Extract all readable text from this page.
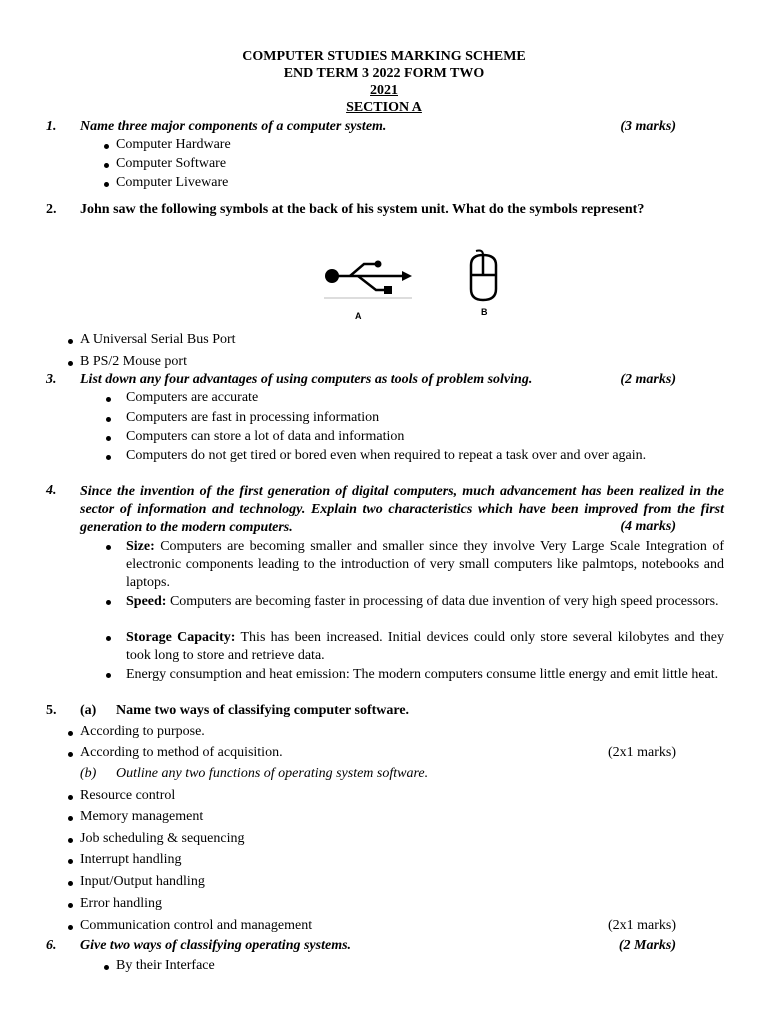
COMPUTER STUDIES MARKING SCHEME
END TERM 3 2022 FORM TWO
2021
SECTION A
1. Name three major components of a computer system.	(3 marks)
Computer Hardware
Computer Software
Computer Liveware
2. John saw the following symbols at the back of his system unit. What do the symbols represent?
A	B
A Universal Serial Bus Port
B PS/2 Mouse port
3. List down any four advantages of using computers as tools of problem solving.	(2 marks)
Computers are accurate
Computers are fast in processing information
Computers can store a lot of data and information
Computers do not get tired or bored even when required to repeat a task over and over again.
4. Since the invention of the first generation of digital computers, much advancement has been realized in the sector of information and technology. Explain two characteristics which have been improved from the first generation to the modern computers.	(4 marks)
Size: Computers are becoming smaller and smaller since they involve Very Large Scale Integration of electronic components leading to the introduction of very small computers like palmtops, notebooks and laptops.
Speed: Computers are becoming faster in processing of data due invention of very high speed processors.
Storage Capacity: This has been increased. Initial devices could only store several kilobytes and they took long to store and retrieve data.
Energy consumption and heat emission: The modern computers consume little energy and emit little heat.
5. (a) Name two ways of classifying computer software.
According to purpose.
According to method of acquisition.	(2x1 marks)
(b) Outline any two functions of operating system software.
Resource control
Memory management
Job scheduling & sequencing
Interrupt handling
Input/Output handling
Error handling
Communication control and management	(2x1 marks)
6. Give two ways of classifying operating systems.	(2 Marks)
By their Interface
